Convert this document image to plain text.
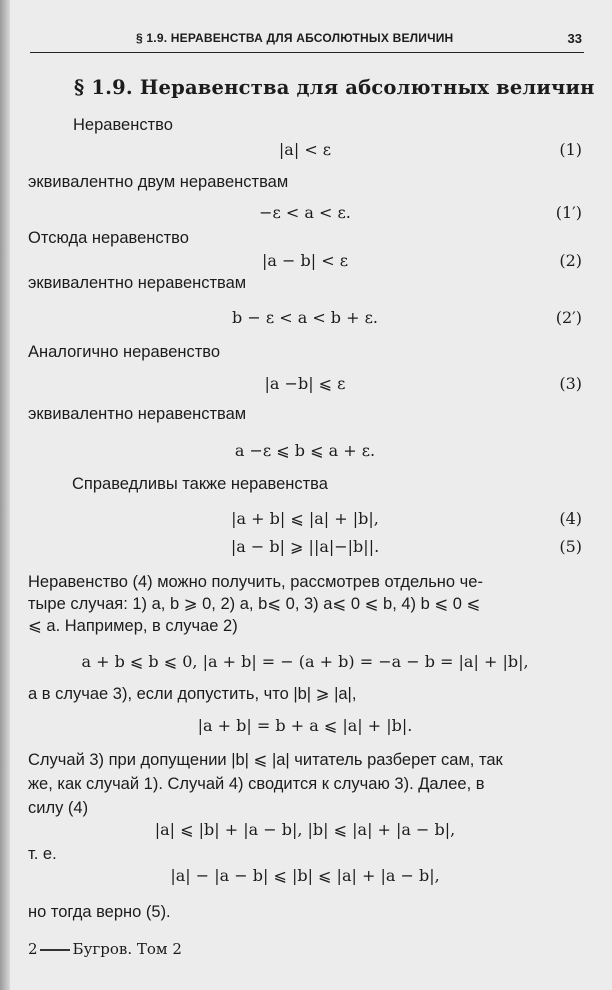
§ 1.9. НЕРАВЕНСТВА ДЛЯ АБСОЛЮТНЫХ ВЕЛИЧИН	33
§ 1.9. Неравенства для абсолютных величин
Неравенство
|a| < ε	(1)
эквивалентно двум неравенствам
−ε < a < ε.	(1′)
Отсюда неравенство
|a − b| < ε	(2)
эквивалентно неравенствам
b − ε < a < b + ε.	(2′)
Аналогично неравенство
|a −b| ⩽ ε	(3)
эквивалентно неравенствам
a −ε ⩽ b ⩽ a + ε.
Справедливы также неравенства
|a + b| ⩽ |a| + |b|,	(4)
|a − b| ⩾ ||a|−|b||.	(5)
Неравенство (4) можно получить, рассмотрев отдельно че-
тыре случая: 1) a, b ⩾ 0, 2) a, b⩽ 0, 3) a⩽ 0 ⩽ b, 4) b ⩽ 0 ⩽
⩽ a. Например, в случае 2)
a + b ⩽ b ⩽ 0, |a + b| = − (a + b) = −a − b = |a| + |b|,
а в случае 3), если допустить, что |b| ⩾ |a|,
|a + b| = b + a ⩽ |a| + |b|.
Случай 3) при допущении |b| ⩽ |a| читатель разберет сам, так
же, как случай 1). Случай 4) сводится к случаю 3). Далее, в
силу (4)
|a| ⩽ |b| + |a − b|, |b| ⩽ |a| + |a − b|,
т. е.
|a| − |a − b| ⩽ |b| ⩽ |a| + |a − b|,
но тогда верно (5).
2 Бугров. Том 2
